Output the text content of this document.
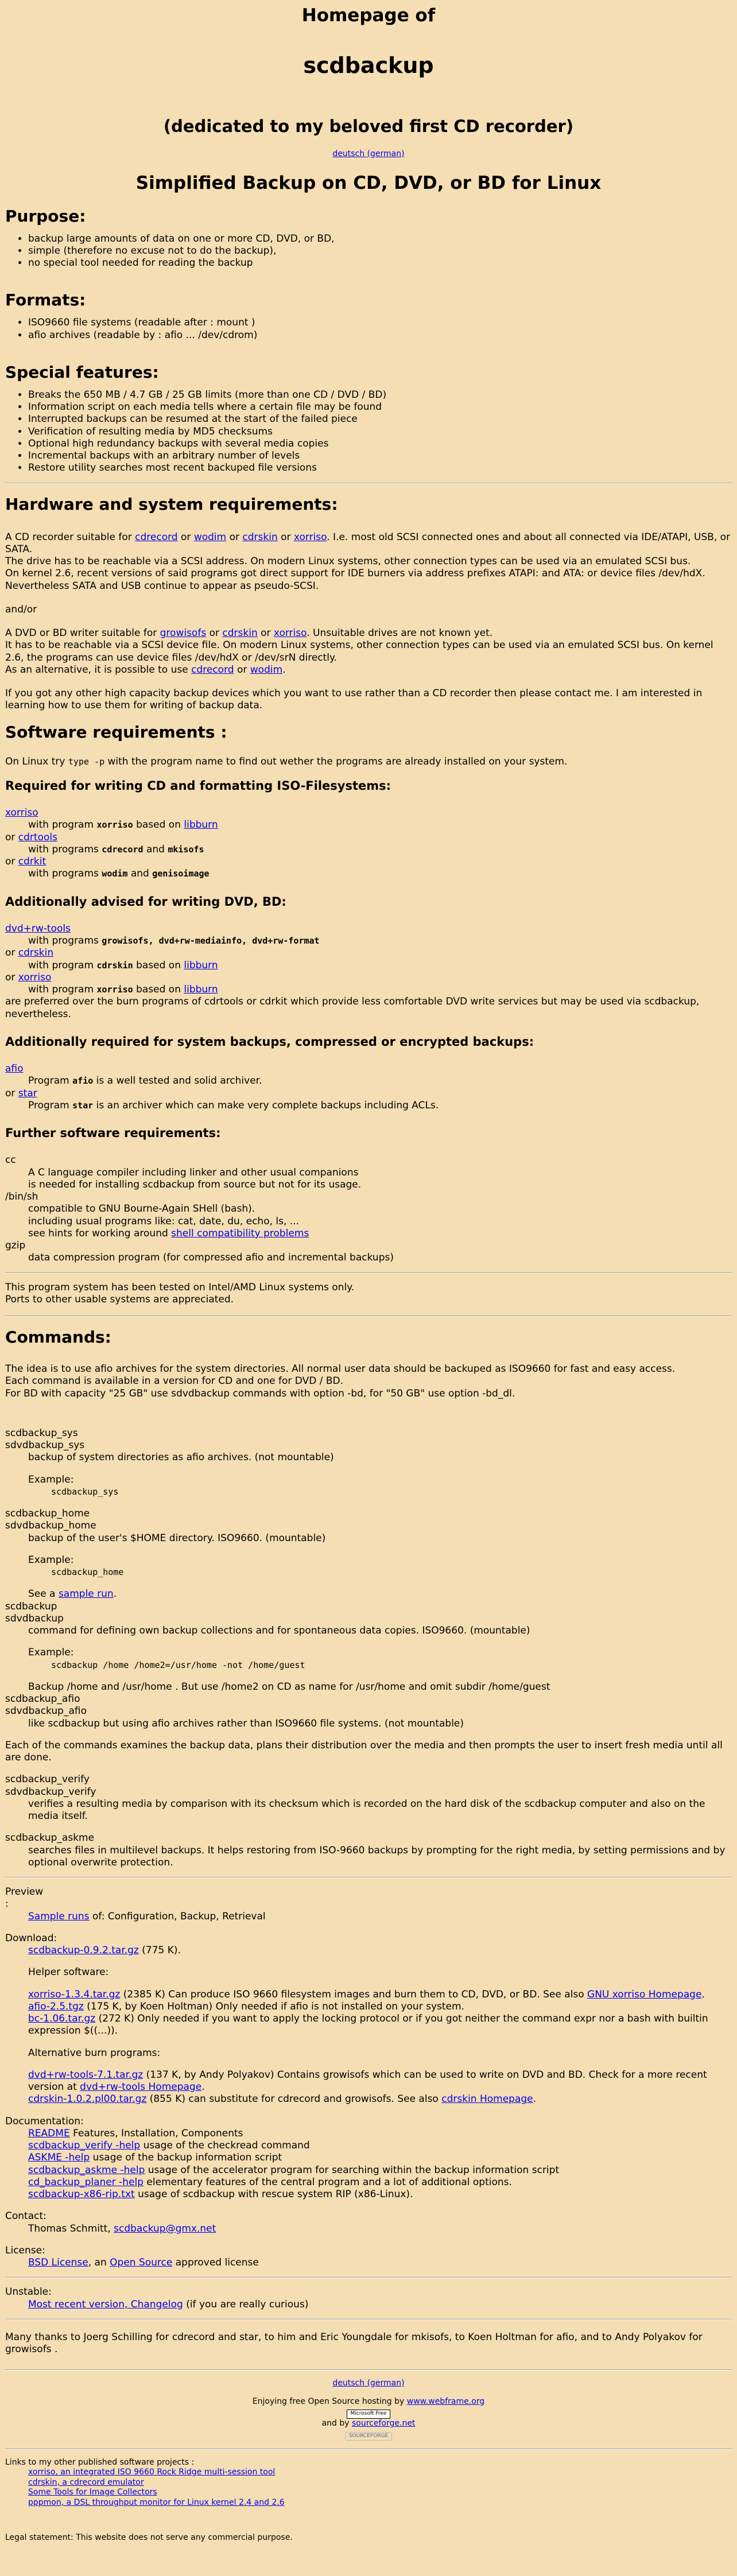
Homepage of
scdbackup
(dedicated to my beloved first CD recorder)
deutsch (german)
Simplified Backup on CD, DVD, or BD for Linux
Purpose:
• backup large amounts of data on one or more CD, DVD, or BD,
• simple (therefore no excuse not to do the backup),
• no special tool needed for reading the backup
Formats:
• ISO9660 file systems (readable after : mount )
• afio archives (readable by : afio ... /dev/cdrom)
Special features:
• Breaks the 650 MB / 4.7 GB / 25 GB limits (more than one CD / DVD / BD)
• Information script on each media tells where a certain file may be found
• Interrupted backups can be resumed at the start of the failed piece
• Verification of resulting media by MD5 checksums
• Optional high redundancy backups with several media copies
• Incremental backups with an arbitrary number of levels
• Restore utility searches most recent backuped file versions
Hardware and system requirements:

A CD recorder suitable for cdrecord or wodim or cdrskin or xorriso. I.e. most old SCSI connected ones and about all connected via IDE/ATAPI, USB, or SATA.
The drive has to be reachable via a SCSI address. On modern Linux systems, other connection types can be used via an emulated SCSI bus.
On kernel 2.6, recent versions of said programs got direct support for IDE burners via address prefixes ATAPI: and ATA: or device files /dev/hdX. Nevertheless SATA and USB continue to appear as pseudo-SCSI.

and/or

A DVD or BD writer suitable for growisofs or cdrskin or xorriso. Unsuitable drives are not known yet.
It has to be reachable via a SCSI device file. On modern Linux systems, other connection types can be used via an emulated SCSI bus. On kernel 2.6, the programs can use device files /dev/hdX or /dev/srN directly.
As an alternative, it is possible to use cdrecord or wodim.

If you got any other high capacity backup devices which you want to use rather than a CD recorder then please contact me. I am interested in learning how to use them for writing of backup data.

Software requirements :

On Linux try type -p with the program name to find out wether the programs are already installed on your system.

Required for writing CD and formatting ISO-Filesystems:
xorriso
with program xorriso based on libburn
or cdrtools
with programs cdrecord and mkisofs
or cdrkit
with programs wodim and genisoimage
Additionally advised for writing DVD, BD:
dvd+rw-tools
with programs growisofs, dvd+rw-mediainfo, dvd+rw-format
or cdrskin
with program cdrskin based on libburn
or xorriso
with program xorriso based on libburn
are preferred over the burn programs of cdrtools or cdrkit which provide less comfortable DVD write services but may be used via scdbackup, nevertheless.
Additionally required for system backups, compressed or encrypted backups:
afio
Program afio is a well tested and solid archiver.
or star
Program star is an archiver which can make very complete backups including ACLs.
Further software requirements:
cc
A C language compiler including linker and other usual companions
is needed for installing scdbackup from source but not for its usage.
/bin/sh
compatible to GNU Bourne-Again SHell (bash).
including usual programs like: cat, date, du, echo, ls, ...
see hints for working around shell compatibility problems
gzip
data compression program (for compressed afio and incremental backups)

This program system has been tested on Intel/AMD Linux systems only.
Ports to other usable systems are appreciated.

Commands:

The idea is to use afio archives for the system directories. All normal user data should be backuped as ISO9660 for fast and easy access.
Each command is available in a version for CD and one for DVD / BD.
For BD with capacity "25 GB" use sdvdbackup commands with option -bd, for "50 GB" use option -bd_dl.

scdbackup_sys
sdvdbackup_sys
backup of system directories as afio archives. (not mountable)
Example:
scdbackup_sys
scdbackup_home
sdvdbackup_home
backup of the user's $HOME directory. ISO9660. (mountable)
Example:
scdbackup_home
See a sample run.
scdbackup
sdvdbackup
command for defining own backup collections and for spontaneous data copies. ISO9660. (mountable)
Example:
scdbackup /home /home2=/usr/home -not /home/guest
Backup /home and /usr/home . But use /home2 on CD as name for /usr/home and omit subdir /home/guest
scdbackup_afio
sdvdbackup_afio
like scdbackup but using afio archives rather than ISO9660 file systems. (not mountable)
Each of the commands examines the backup data, plans their distribution over the media and then prompts the user to insert fresh media until all are done.
scdbackup_verify
sdvdbackup_verify
verifies a resulting media by comparison with its checksum which is recorded on the hard disk of the scdbackup computer and also on the media itself.
scdbackup_askme
searches files in multilevel backups. It helps restoring from ISO-9660 backups by prompting for the right media, by setting permissions and by optional overwrite protection.
Preview
:
Sample runs of: Configuration, Backup, Retrieval
Download:
scdbackup-0.9.2.tar.gz (775 K).
Helper software:
xorriso-1.3.4.tar.gz (2385 K) Can produce ISO 9660 filesystem images and burn them to CD, DVD, or BD. See also GNU xorriso Homepage.
afio-2.5.tgz (175 K, by Koen Holtman) Only needed if afio is not installed on your system.
bc-1.06.tar.gz (272 K) Only needed if you want to apply the locking protocol or if you got neither the command expr nor a bash with builtin expression $((...)).
Alternative burn programs:
dvd+rw-tools-7.1.tar.gz (137 K, by Andy Polyakov) Contains growisofs which can be used to write on DVD and BD. Check for a more recent version at dvd+rw-tools Homepage.
cdrskin-1.0.2.pl00.tar.gz (855 K) can substitute for cdrecord and growisofs. See also cdrskin Homepage.
Documentation:
README Features, Installation, Components
scdbackup_verify -help usage of the checkread command
ASKME -help usage of the backup information script
scdbackup_askme -help usage of the accelerator program for searching within the backup information script
cd_backup_planer -help elementary features of the central program and a lot of additional options.
scdbackup-x86-rip.txt usage of scdbackup with rescue system RIP (x86-Linux).
Contact:
Thomas Schmitt, scdbackup@gmx.net
License:
BSD License, an Open Source approved license
Unstable:
Most recent version, Changelog (if you are really curious)

Many thanks to Joerg Schilling for cdrecord and star, to him and Eric Youngdale for mkisofs, to Koen Holtman for afio, and to Andy Polyakov for growisofs .

deutsch (german)
Enjoying free Open Source hosting by www.webframe.org
Microsoft Free
and by sourceforge.net
SOURCEFORGE
Links to my other published software projects :
xorriso, an integrated ISO 9660 Rock Ridge multi-session tool
cdrskin, a cdrecord emulator
Some Tools for Image Collectors
pppmon, a DSL throughput monitor for Linux kernel 2.4 and 2.6
Legal statement: This website does not serve any commercial purpose.
